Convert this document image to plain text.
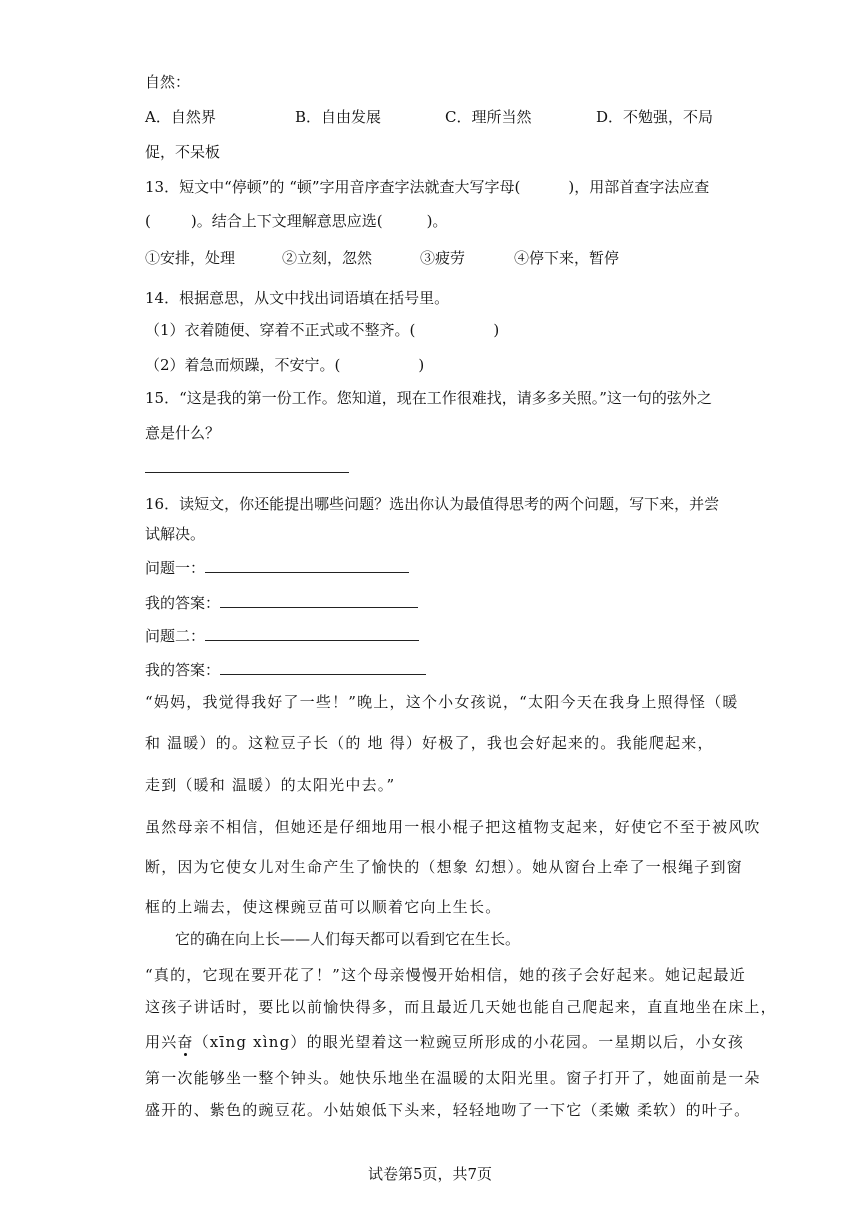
自然：
A．自然界	B．自由发展	C．理所当然	D．不勉强，不局
促，不呆板
13．短文中“停顿”的 “顿”字用音序查字法就查大写字母(	)，用部首查字法应查
(	)。结合上下文理解意思应选(	)。
①安排，处理	②立刻，忽然	③疲劳	④停下来，暂停
14．根据意思，从文中找出词语填在括号里。
（1）衣着随便、穿着不正式或不整齐。(	)
（2）着急而烦躁，不安宁。(	)
15．“这是我的第一份工作。您知道，现在工作很难找，请多多关照。”这一句的弦外之
意是什么？
16．读短文，你还能提出哪些问题？选出你认为最值得思考的两个问题，写下来，并尝
试解决。
问题一：
我的答案：
问题二：
我的答案：
“妈妈，我觉得我好了一些！”晚上，这个小女孩说，“太阳今天在我身上照得怪（暖
和 温暖）的。这粒豆子长（的 地 得）好极了，我也会好起来的。我能爬起来，
走到（暖和 温暖）的太阳光中去。”
虽然母亲不相信，但她还是仔细地用一根小棍子把这植物支起来，好使它不至于被风吹
断，因为它使女儿对生命产生了愉快的（想象 幻想）。她从窗台上牵了一根绳子到窗
框的上端去，使这棵豌豆苗可以顺着它向上生长。
它的确在向上长——人们每天都可以看到它在生长。
“真的，它现在要开花了！”这个母亲慢慢开始相信，她的孩子会好起来。她记起最近
这孩子讲话时，要比以前愉快得多，而且最近几天她也能自己爬起来，直直地坐在床上，
用兴奋（xīng xìng）的眼光望着这一粒豌豆所形成的小花园。一星期以后，小女孩
第一次能够坐一整个钟头。她快乐地坐在温暖的太阳光里。窗子打开了，她面前是一朵
盛开的、紫色的豌豆花。小姑娘低下头来，轻轻地吻了一下它（柔嫩 柔软）的叶子。
试卷第5页，共7页
